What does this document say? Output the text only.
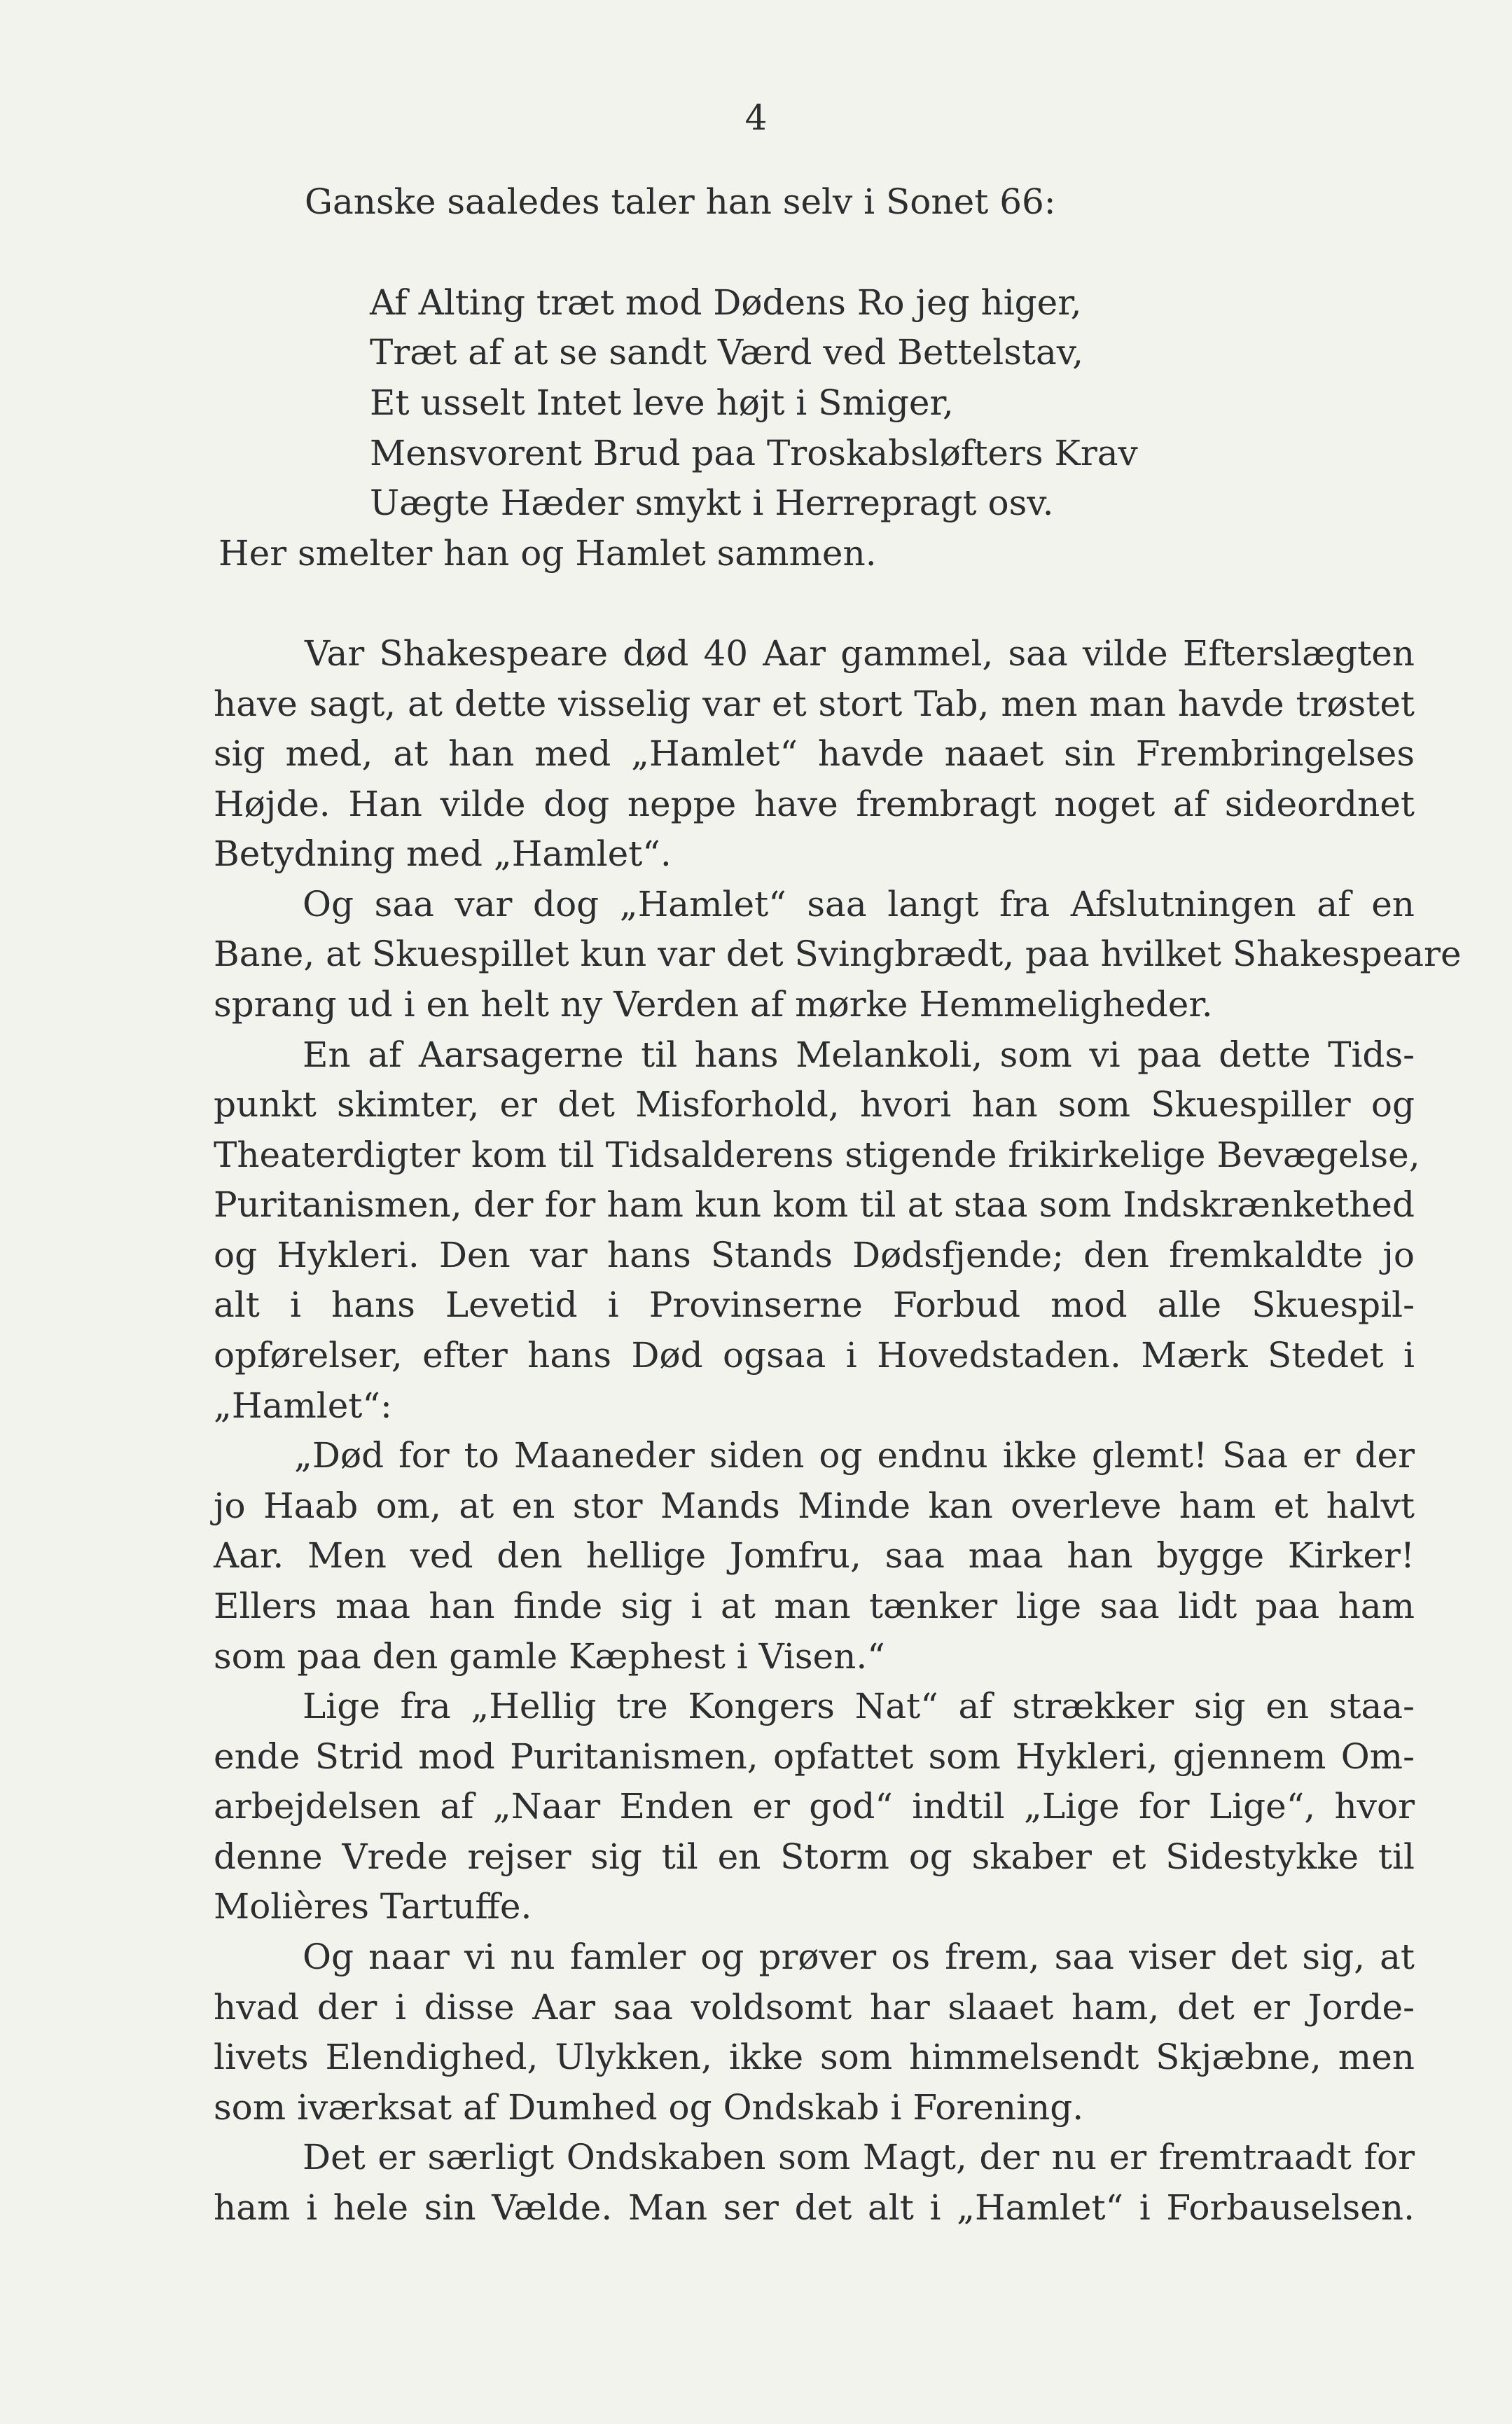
4
Ganske saaledes taler han selv i Sonet 66:
Af Alting træt mod Dødens Ro jeg higer,
Træt af at se sandt Værd ved Bettelstav,
Et usselt Intet leve højt i Smiger,
Mensvorent Brud paa Troskabsløfters Krav
Uægte Hæder smykt i Herrepragt osv.
Her smelter han og Hamlet sammen.
Var Shakespeare død 40 Aar gammel, saa vilde Efterslægten
have sagt, at dette visselig var et stort Tab, men man havde trøstet
sig med, at han med „Hamlet“ havde naaet sin Frembringelses
Højde. Han vilde dog neppe have frembragt noget af sideordnet
Betydning med „Hamlet“.
Og saa var dog „Hamlet“ saa langt fra Afslutningen af en
Bane, at Skuespillet kun var det Svingbrædt, paa hvilket Shakespeare
sprang ud i en helt ny Verden af mørke Hemmeligheder.
En af Aarsagerne til hans Melankoli, som vi paa dette Tids-
punkt skimter, er det Misforhold, hvori han som Skuespiller og
Theaterdigter kom til Tidsalderens stigende frikirkelige Bevægelse,
Puritanismen, der for ham kun kom til at staa som Indskrænkethed
og Hykleri. Den var hans Stands Dødsfjende; den fremkaldte jo
alt i hans Levetid i Provinserne Forbud mod alle Skuespil-
opførelser, efter hans Død ogsaa i Hovedstaden. Mærk Stedet i
„Hamlet“:
„Død for to Maaneder siden og endnu ikke glemt! Saa er der
jo Haab om, at en stor Mands Minde kan overleve ham et halvt
Aar. Men ved den hellige Jomfru, saa maa han bygge Kirker!
Ellers maa han finde sig i at man tænker lige saa lidt paa ham
som paa den gamle Kæphest i Visen.“
Lige fra „Hellig tre Kongers Nat“ af strækker sig en staa-
ende Strid mod Puritanismen, opfattet som Hykleri, gjennem Om-
arbejdelsen af „Naar Enden er god“ indtil „Lige for Lige“, hvor
denne Vrede rejser sig til en Storm og skaber et Sidestykke til
Molières Tartuffe.
Og naar vi nu famler og prøver os frem, saa viser det sig, at
hvad der i disse Aar saa voldsomt har slaaet ham, det er Jorde-
livets Elendighed, Ulykken, ikke som himmelsendt Skjæbne, men
som iværksat af Dumhed og Ondskab i Forening.
Det er særligt Ondskaben som Magt, der nu er fremtraadt for
ham i hele sin Vælde. Man ser det alt i „Hamlet“ i Forbauselsen.
